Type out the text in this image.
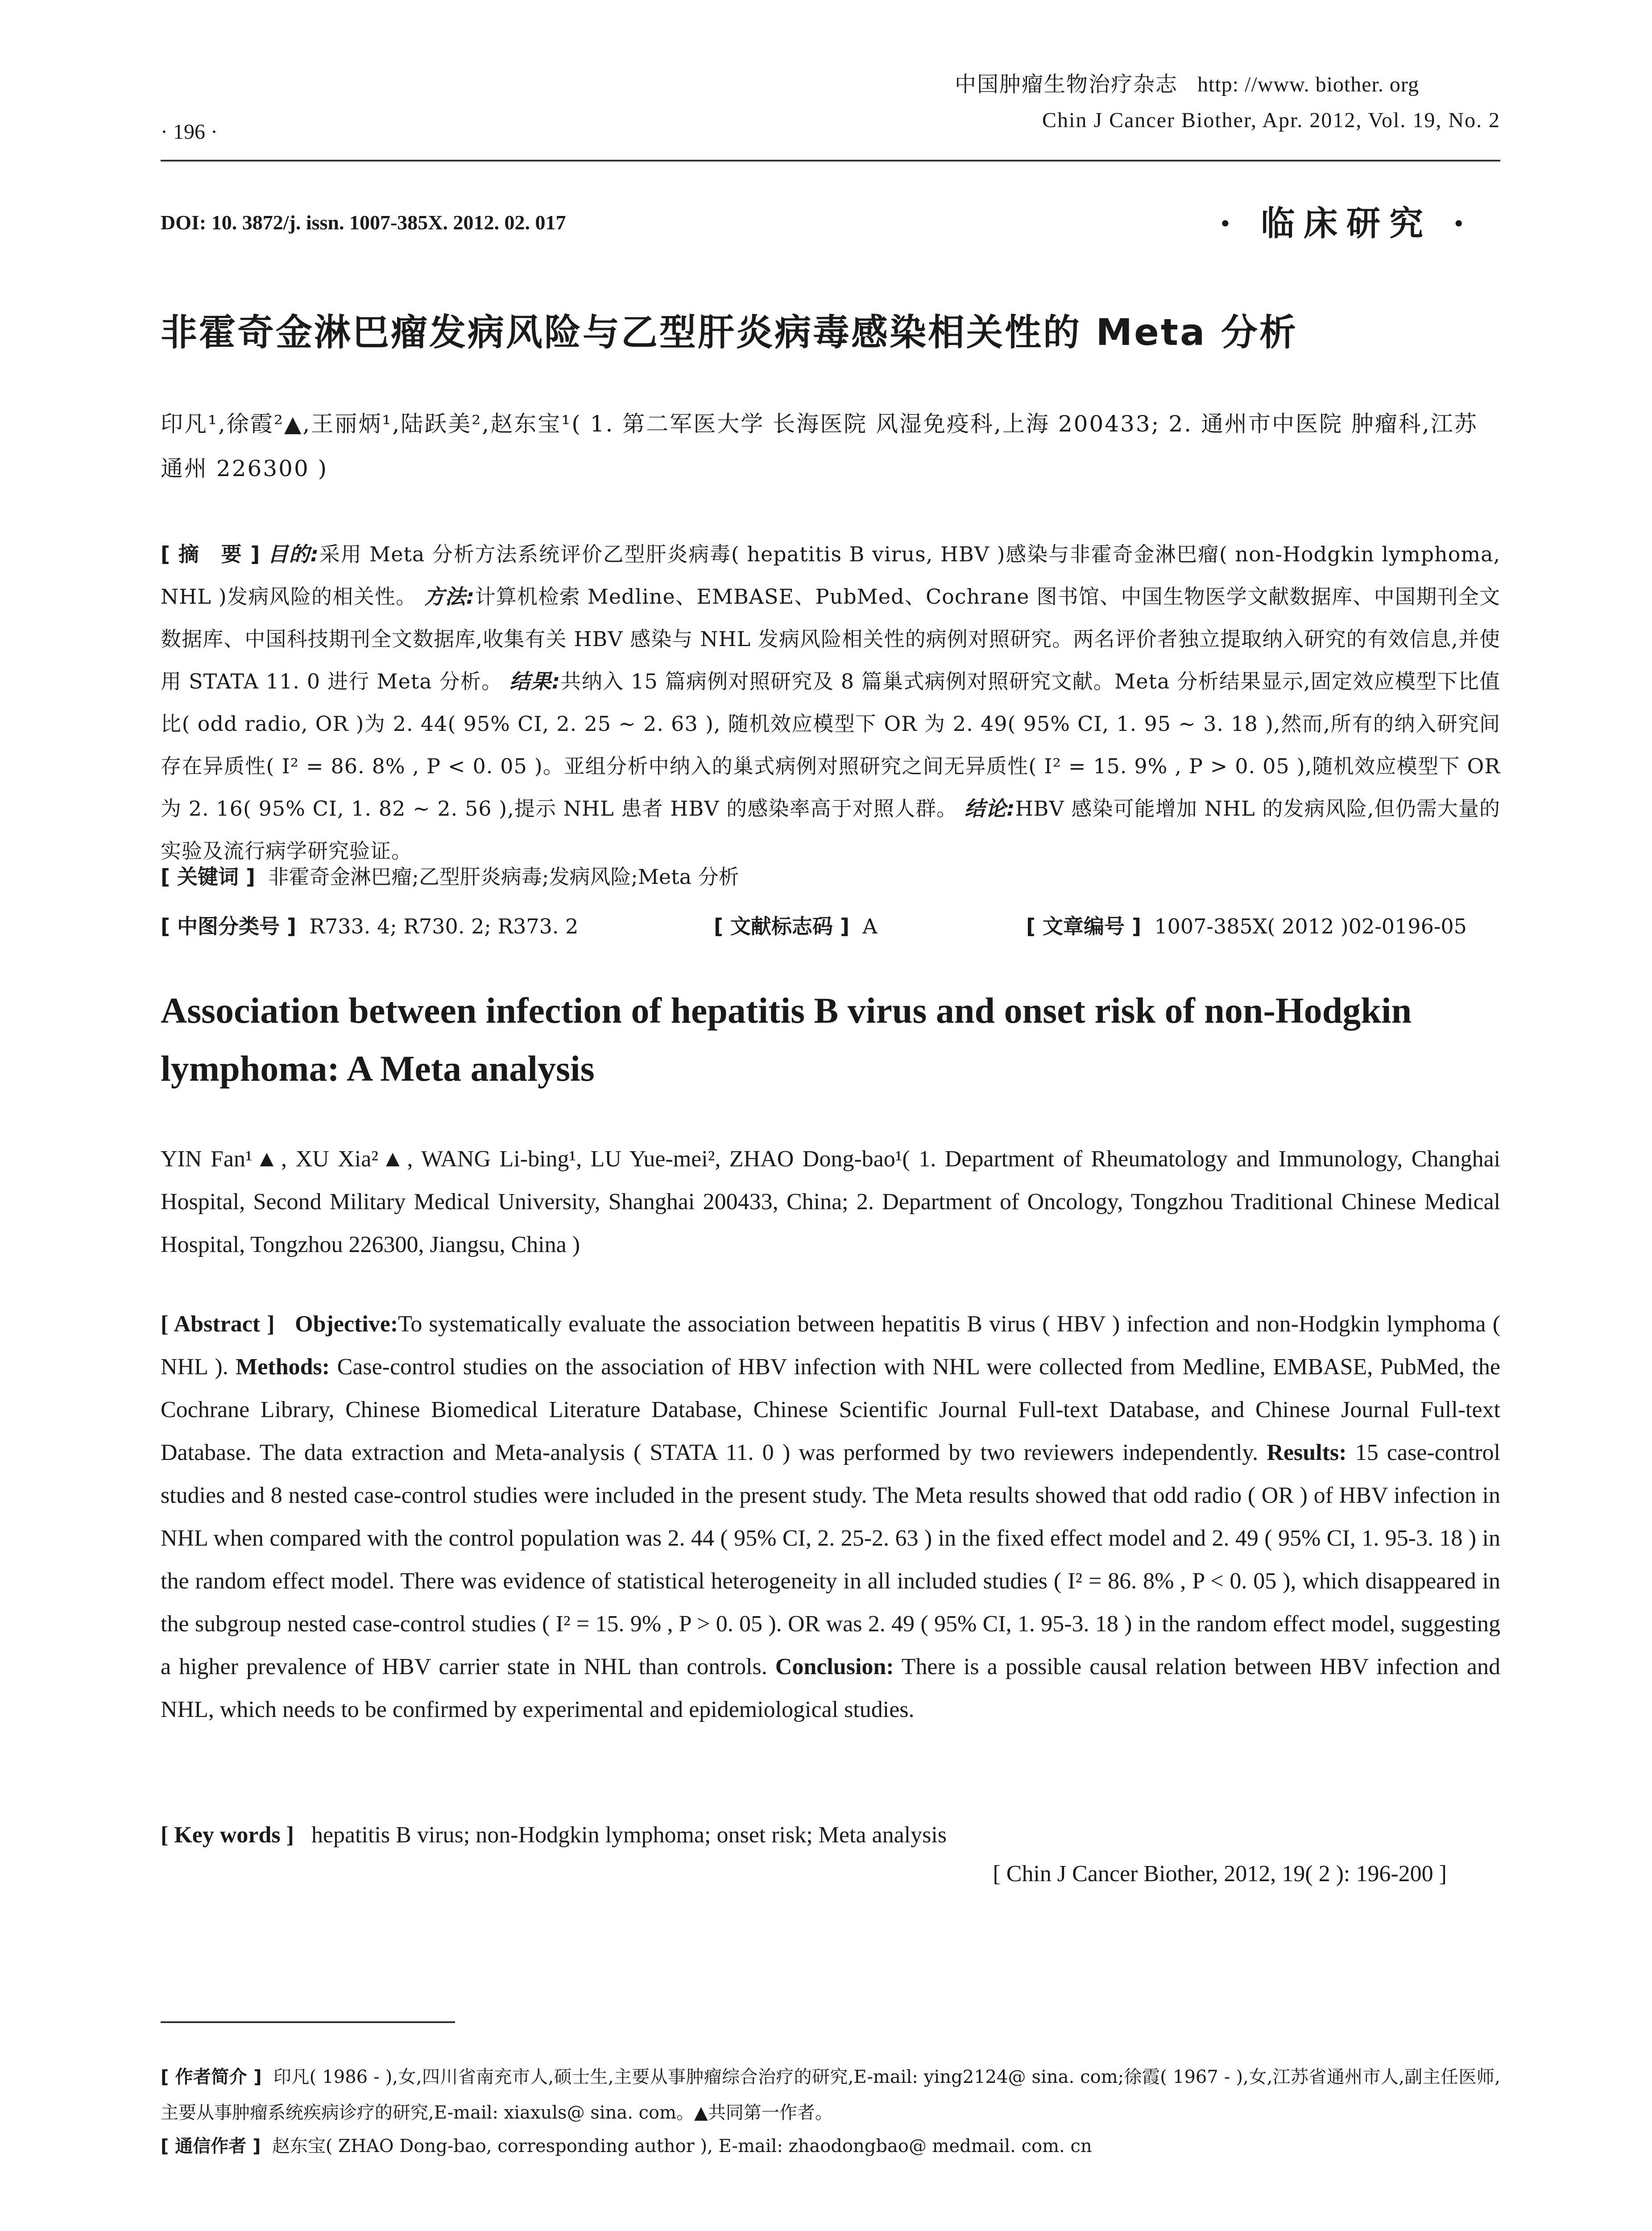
中国肿瘤生物治疗杂志 http: //www. biother. org
· 196 ·	Chin J Cancer Biother, Apr. 2012, Vol. 19, No. 2
DOI: 10. 3872/j. issn. 1007-385X. 2012. 02. 017	· 临床研究 ·
非霍奇金淋巴瘤发病风险与乙型肝炎病毒感染相关性的 Meta 分析
印凡¹,徐霞²▲,王丽炳¹,陆跃美²,赵东宝¹( 1. 第二军医大学 长海医院 风湿免疫科,上海 200433; 2. 通州市中医院 肿瘤科,江苏 通州 226300 )
[ 摘　要 ] 目的:采用 Meta 分析方法系统评价乙型肝炎病毒( hepatitis B virus, HBV )感染与非霍奇金淋巴瘤( non-Hodgkin lymphoma, NHL )发病风险的相关性。 方法:计算机检索 Medline、EMBASE、PubMed、Cochrane 图书馆、中国生物医学文献数据库、中国期刊全文数据库、中国科技期刊全文数据库,收集有关 HBV 感染与 NHL 发病风险相关性的病例对照研究。两名评价者独立提取纳入研究的有效信息,并使用 STATA 11. 0 进行 Meta 分析。 结果:共纳入 15 篇病例对照研究及 8 篇巢式病例对照研究文献。Meta 分析结果显示,固定效应模型下比值比( odd radio, OR )为 2. 44( 95% CI, 2. 25 ~ 2. 63 ), 随机效应模型下 OR 为 2. 49( 95% CI, 1. 95 ~ 3. 18 ),然而,所有的纳入研究间存在异质性( I² = 86. 8% , P < 0. 05 )。亚组分析中纳入的巢式病例对照研究之间无异质性( I² = 15. 9% , P > 0. 05 ),随机效应模型下 OR 为 2. 16( 95% CI, 1. 82 ~ 2. 56 ),提示 NHL 患者 HBV 的感染率高于对照人群。 结论:HBV 感染可能增加 NHL 的发病风险,但仍需大量的实验及流行病学研究验证。
[ 关键词 ] 非霍奇金淋巴瘤;乙型肝炎病毒;发病风险;Meta 分析
[ 中图分类号 ] R733. 4; R730. 2; R373. 2	[ 文献标志码 ] A	[ 文章编号 ] 1007-385X( 2012 )02-0196-05
Association between infection of hepatitis B virus and onset risk of non-Hodgkin lymphoma: A Meta analysis
YIN Fan¹▲, XU Xia²▲, WANG Li-bing¹, LU Yue-mei², ZHAO Dong-bao¹( 1. Department of Rheumatology and Immunology, Changhai Hospital, Second Military Medical University, Shanghai 200433, China; 2. Department of Oncology, Tongzhou Traditional Chinese Medical Hospital, Tongzhou 226300, Jiangsu, China )
[ Abstract ] Objective:To systematically evaluate the association between hepatitis B virus ( HBV ) infection and non-Hodgkin lymphoma ( NHL ). Methods: Case-control studies on the association of HBV infection with NHL were collected from Medline, EMBASE, PubMed, the Cochrane Library, Chinese Biomedical Literature Database, Chinese Scientific Journal Full-text Database, and Chinese Journal Full-text Database. The data extraction and Meta-analysis ( STATA 11. 0 ) was performed by two reviewers independently. Results: 15 case-control studies and 8 nested case-control studies were included in the present study. The Meta results showed that odd radio ( OR ) of HBV infection in NHL when compared with the control population was 2. 44 ( 95% CI, 2. 25-2. 63 ) in the fixed effect model and 2. 49 ( 95% CI, 1. 95-3. 18 ) in the random effect model. There was evidence of statistical heterogeneity in all included studies ( I² = 86. 8% , P < 0. 05 ), which disappeared in the subgroup nested case-control studies ( I² = 15. 9% , P > 0. 05 ). OR was 2. 49 ( 95% CI, 1. 95-3. 18 ) in the random effect model, suggesting a higher prevalence of HBV carrier state in NHL than controls. Conclusion: There is a possible causal relation between HBV infection and NHL, which needs to be confirmed by experimental and epidemiological studies.
[ Key words ] hepatitis B virus; non-Hodgkin lymphoma; onset risk; Meta analysis
[ Chin J Cancer Biother, 2012, 19( 2 ): 196-200 ]
[ 作者简介 ] 印凡( 1986 - ),女,四川省南充市人,硕士生,主要从事肿瘤综合治疗的研究,E-mail: ying2124@ sina. com;徐霞( 1967 - ),女,江苏省通州市人,副主任医师,主要从事肿瘤系统疾病诊疗的研究,E-mail: xiaxuls@ sina. com。▲共同第一作者。
[ 通信作者 ] 赵东宝( ZHAO Dong-bao, corresponding author ), E-mail: zhaodongbao@ medmail. com. cn
